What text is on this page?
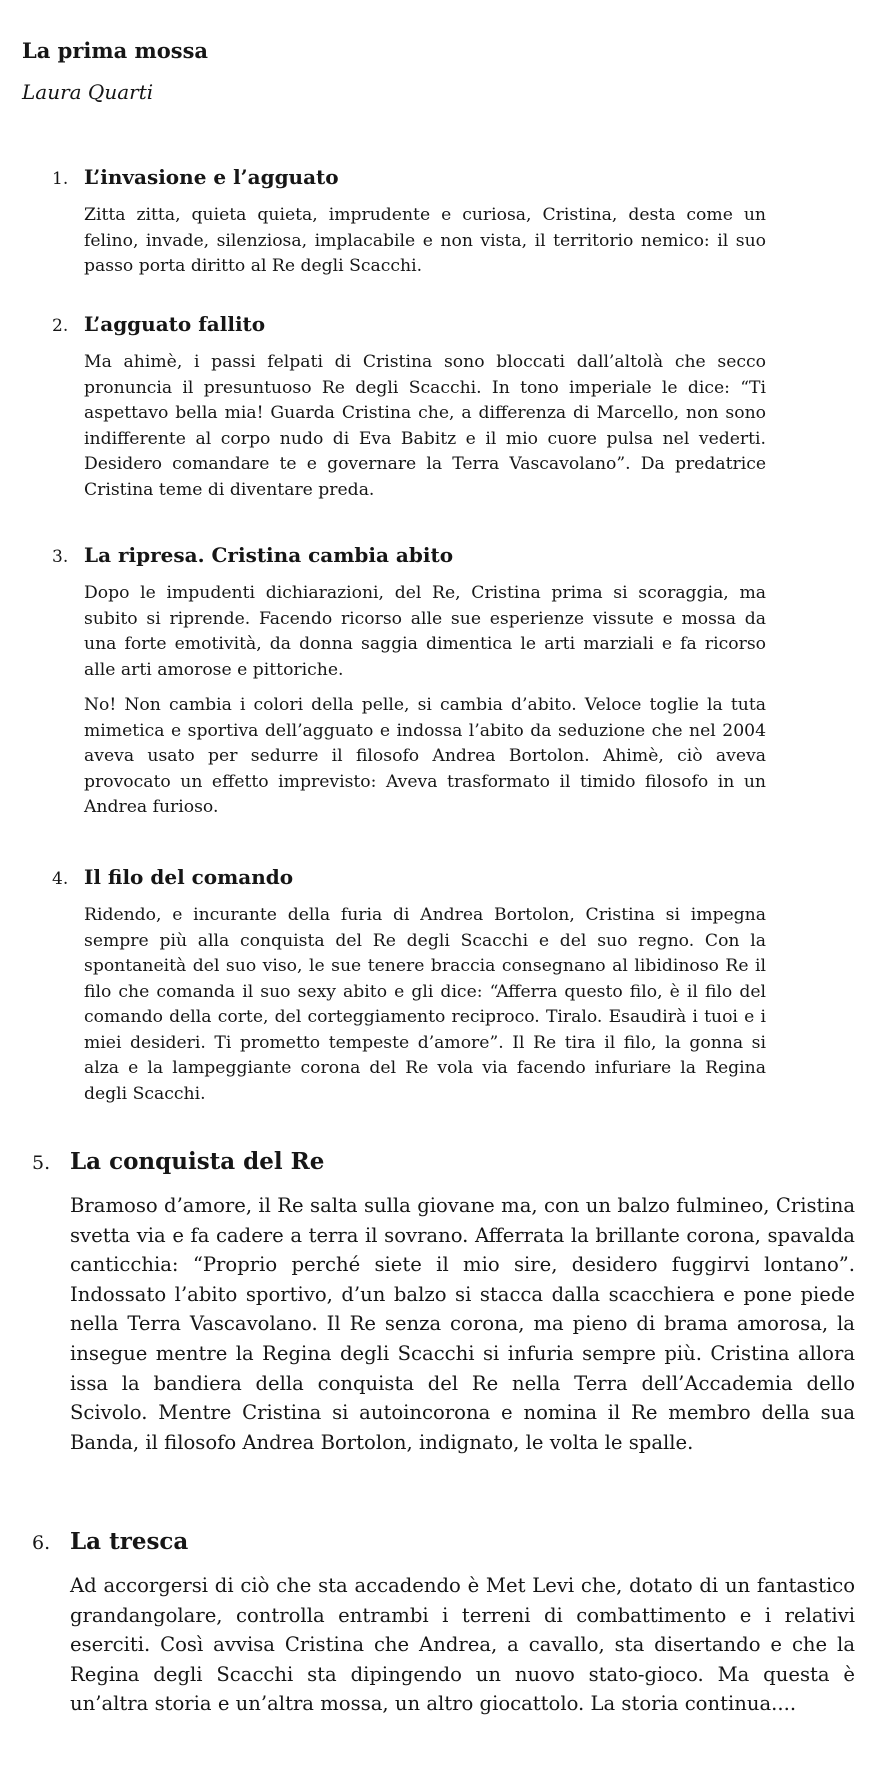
La prima mossa
Laura Quarti
1. L’invasione e l’agguato

Zitta zitta, quieta quieta, imprudente e curiosa, Cristina, desta come un felino, invade, silenziosa, implacabile e non vista, il territorio nemico: il suo passo porta diritto al Re degli Scacchi.

2. L’agguato fallito

Ma ahimè, i passi felpati di Cristina sono bloccati dall’altolà che secco pronuncia il presuntuoso Re degli Scacchi. In tono imperiale le dice: “Ti aspettavo bella mia! Guarda Cristina che, a differenza di Marcello, non sono indifferente al corpo nudo di Eva Babitz e il mio cuore pulsa nel vederti. Desidero comandare te e governare la Terra Vascavolano”. Da predatrice Cristina teme di diventare preda.

3. La ripresa. Cristina cambia abito

Dopo le impudenti dichiarazioni, del Re, Cristina prima si scoraggia, ma subito si riprende. Facendo ricorso alle sue esperienze vissute e mossa da una forte emotività, da donna saggia dimentica le arti marziali e fa ricorso alle arti amorose e pittoriche.

No! Non cambia i colori della pelle, si cambia d’abito. Veloce toglie la tuta mimetica e sportiva dell’agguato e indossa l’abito da seduzione che nel 2004 aveva usato per sedurre il filosofo Andrea Bortolon. Ahimè, ciò aveva provocato un effetto imprevisto: Aveva trasformato il timido filosofo in un Andrea furioso.

4. Il filo del comando

Ridendo, e incurante della furia di Andrea Bortolon, Cristina si impegna sempre più alla conquista del Re degli Scacchi e del suo regno. Con la spontaneità del suo viso, le sue tenere braccia consegnano al libidinoso Re il filo che comanda il suo sexy abito e gli dice: “Afferra questo filo, è il filo del comando della corte, del corteggiamento reciproco. Tiralo. Esaudirà i tuoi e i miei desideri. Ti prometto tempeste d’amore”. Il Re tira il filo, la gonna si alza e la lampeggiante corona del Re vola via facendo infuriare la Regina degli Scacchi.

5. La conquista del Re

Bramoso d’amore, il Re salta sulla giovane ma, con un balzo fulmineo, Cristina svetta via e fa cadere a terra il sovrano. Afferrata la brillante corona, spavalda canticchia: “Proprio perché siete il mio sire, desidero fuggirvi lontano”. Indossato l’abito sportivo, d’un balzo si stacca dalla scacchiera e pone piede nella Terra Vascavolano. Il Re senza corona, ma pieno di brama amorosa, la insegue mentre la Regina degli Scacchi si infuria sempre più. Cristina allora issa la bandiera della conquista del Re nella Terra dell’Accademia dello Scivolo. Mentre Cristina si autoincorona e nomina il Re membro della sua Banda, il filosofo Andrea Bortolon, indignato, le volta le spalle.

6. La tresca

Ad accorgersi di ciò che sta accadendo è Met Levi che, dotato di un fantastico grandangolare, controlla entrambi i terreni di combattimento e i relativi eserciti. Così avvisa Cristina che Andrea, a cavallo, sta disertando e che la Regina degli Scacchi sta dipingendo un nuovo stato-gioco. Ma questa è un’altra storia e un’altra mossa, un altro giocattolo. La storia continua....
